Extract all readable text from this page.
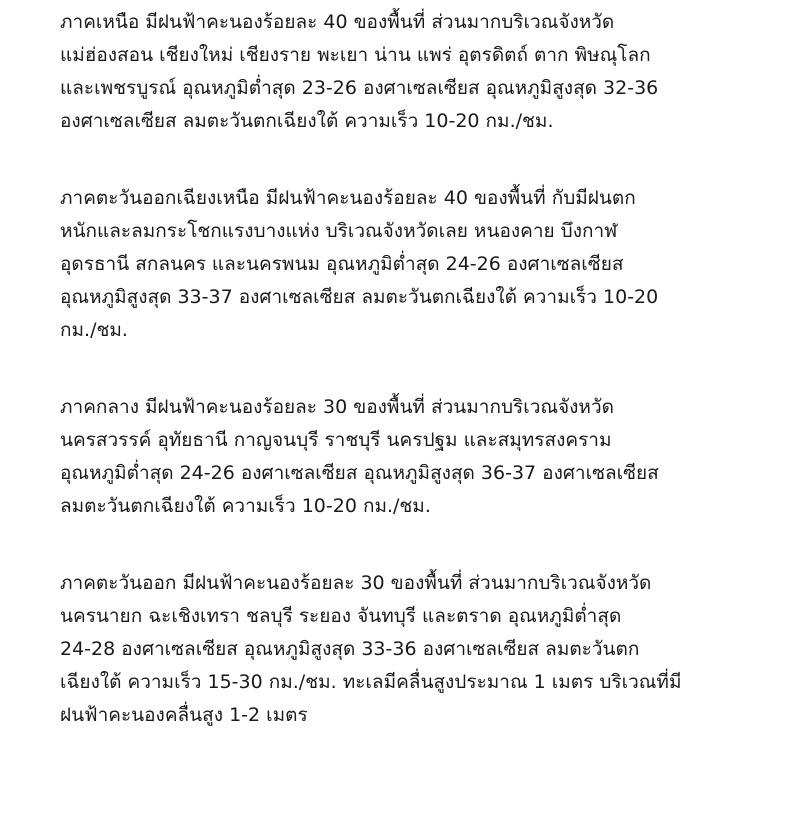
ภาคเหนือ มีฝนฟ้าคะนองร้อยละ 40 ของพื้นที่ ส่วนมากบริเวณจังหวัด
แม่ฮ่องสอน เชียงใหม่ เชียงราย พะเยา น่าน แพร่ อุตรดิตถ์ ตาก พิษณุโลก
และเพชรบูรณ์ อุณหภูมิต่ำสุด 23-26 องศาเซลเซียส อุณหภูมิสูงสุด 32-36
องศาเซลเซียส ลมตะวันตกเฉียงใต้ ความเร็ว 10-20 กม./ชม.

ภาคตะวันออกเฉียงเหนือ มีฝนฟ้าคะนองร้อยละ 40 ของพื้นที่ กับมีฝนตก
หนักและลมกระโชกแรงบางแห่ง บริเวณจังหวัดเลย หนองคาย บึงกาฬ
อุดรธานี สกลนคร และนครพนม อุณหภูมิต่ำสุด 24-26 องศาเซลเซียส
อุณหภูมิสูงสุด 33-37 องศาเซลเซียส ลมตะวันตกเฉียงใต้ ความเร็ว 10-20
กม./ชม.

ภาคกลาง มีฝนฟ้าคะนองร้อยละ 30 ของพื้นที่ ส่วนมากบริเวณจังหวัด
นครสวรรค์ อุทัยธานี กาญจนบุรี ราชบุรี นครปฐม และสมุทรสงคราม
อุณหภูมิต่ำสุด 24-26 องศาเซลเซียส อุณหภูมิสูงสุด 36-37 องศาเซลเซียส
ลมตะวันตกเฉียงใต้ ความเร็ว 10-20 กม./ชม.

ภาคตะวันออก มีฝนฟ้าคะนองร้อยละ 30 ของพื้นที่ ส่วนมากบริเวณจังหวัด
นครนายก ฉะเชิงเทรา ชลบุรี ระยอง จันทบุรี และตราด อุณหภูมิต่ำสุด
24-28 องศาเซลเซียส อุณหภูมิสูงสุด 33-36 องศาเซลเซียส ลมตะวันตก
เฉียงใต้ ความเร็ว 15-30 กม./ชม. ทะเลมีคลื่นสูงประมาณ 1 เมตร บริเวณที่มี
ฝนฟ้าคะนองคลื่นสูง 1-2 เมตร
